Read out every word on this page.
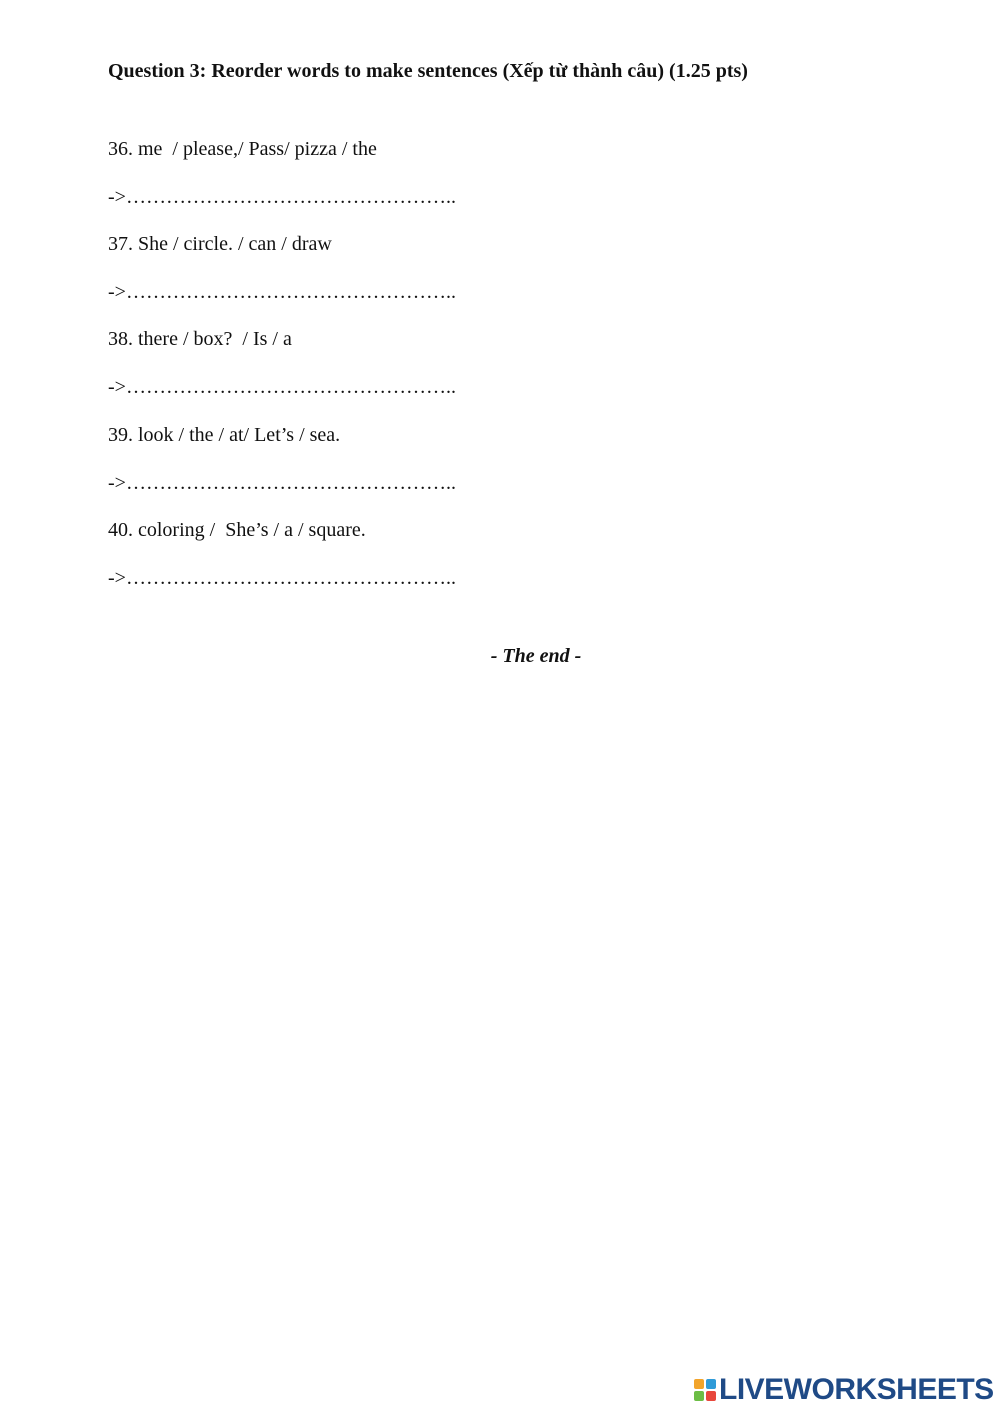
Question 3: Reorder words to make sentences (Xếp từ thành câu) (1.25 pts)
36. me  / please,/ Pass/ pizza / the
->…………………………………………..
37. She / circle. / can / draw
->…………………………………………..
38. there / box?  / Is / a
->…………………………………………..
39. look / the / at/ Let’s / sea.
->…………………………………………..
40. coloring /  She’s / a / square.
->…………………………………………..
- The end -
LIVEWORKSHEETS
